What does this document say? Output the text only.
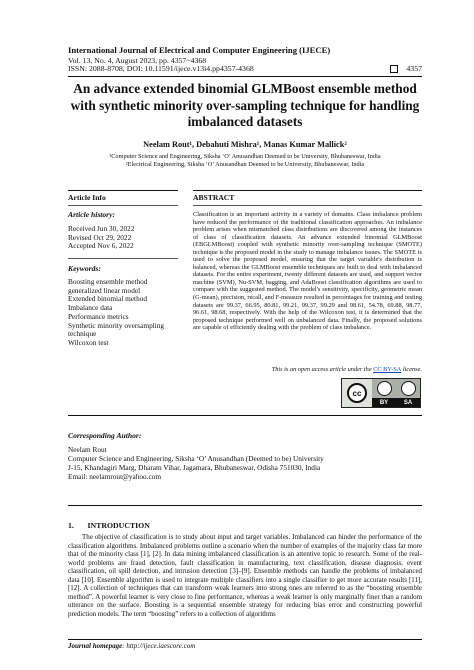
International Journal of Electrical and Computer Engineering (IJECE)
Vol. 13, No. 4, August 2023, pp. 4357~4368
ISSN: 2088-8708, DOI: 10.11591/ijece.v13i4.pp4357-4368	4357
An advance extended binomial GLMBoost ensemble method
with synthetic minority over-sampling technique for handling
imbalanced datasets
Neelam Rout¹, Debahuti Mishra¹, Manas Kumar Mallick²
¹Computer Science and Engineering, Siksha ‘O’ Anusandhan Deemed to be University, Bhubaneswar, India
²Electrical Engineering, Siksha ‘O’ Anusandhan Deemed to be University, Bhubaneswar, India
Article Info	ABSTRACT
Article history:
Received Jun 30, 2022
Revised Oct 29, 2022
Accepted Nov 6, 2022
Keywords:
Boosting ensemble method
generalized linear model
Extended binomial method
Imbalance data
Performance metrics
Synthetic minority oversampling
technique
Wilcoxon test
Classification is an important activity in a variety of domains. Class imbalance problem have reduced the performance of the traditional classification approaches. An imbalance problem arises when mismatched class distributions are discovered among the instances of class of classification datasets. An advance extended binomial GLMBoost (EBGLMBoost) coupled with synthetic minority over-sampling technique (SMOTE) technique is the proposed model in the study to manage imbalance issues. The SMOTE is used to solve the proposed model, ensuring that the target variable's distribution is balanced, whereas the GLMBoost ensemble techniques are built to deal with imbalanced datasets. For the entire experiment, twenty different datasets are used, and support vector machine (SVM), Nu-SVM, bagging, and AdaBoost classification algorithms are used to compare with the suggested method. The model's sensitivity, specificity, geometric mean (G-mean), precision, recall, and F-measure resulted in percentages for training and testing datasets are 99.37, 66.95, 80.81, 99.21, 99.37, 99.29 and 98.61, 54.78, 69.88, 98.77, 96.61, 98.68, respectively. With the help of the Wilcoxon test, it is determined that the proposed technique performed well on unbalanced data. Finally, the proposed solutions are capable of efficiently dealing with the problem of class imbalance.
This is an open access article under the CC BY-SA license.
cc
BY	SA
Corresponding Author:
Neelam Rout
Computer Science and Engineering, Siksha ‘O’ Anusandhan (Deemed to be) University
J-15, Khandagiri Marg, Dharam Vihar, Jagamara, Bhubaneswar, Odisha 751030, India
Email: neelamrout@yahoo.com
1.       INTRODUCTION
The objective of classification is to study about input and target variables. Imbalanced can hinder the performance of the classification algorithms. Imbalanced problems outline a scenario when the number of examples of the majority class far more that of the minority class [1], [2]. In data mining imbalanced classification is an attentive topic to research. Some of the real-world problems are fraud detection, fault classification in manufacturing, text classification, disease diagnosis, event classification, oil spill detection, and intrusion detection [3]–[9]. Ensemble methods can handle the problems of imbalanced data [10]. Ensemble algorithm is used to integrate multiple classifiers into a single classifier to get more accurate results [11], [12]. A collection of techniques that can transform weak learners into strong ones are referred to as the “boosting ensemble method”. A powerful learner is very close to fine performance, whereas a weak learner is only marginally finer than a random utterance on the surface. Boosting is a sequential ensemble strategy for reducing bias error and constructing powerful prediction models. The term “boosting” refers to a collection of algorithms
Journal homepage: http://ijece.iaescore.com
